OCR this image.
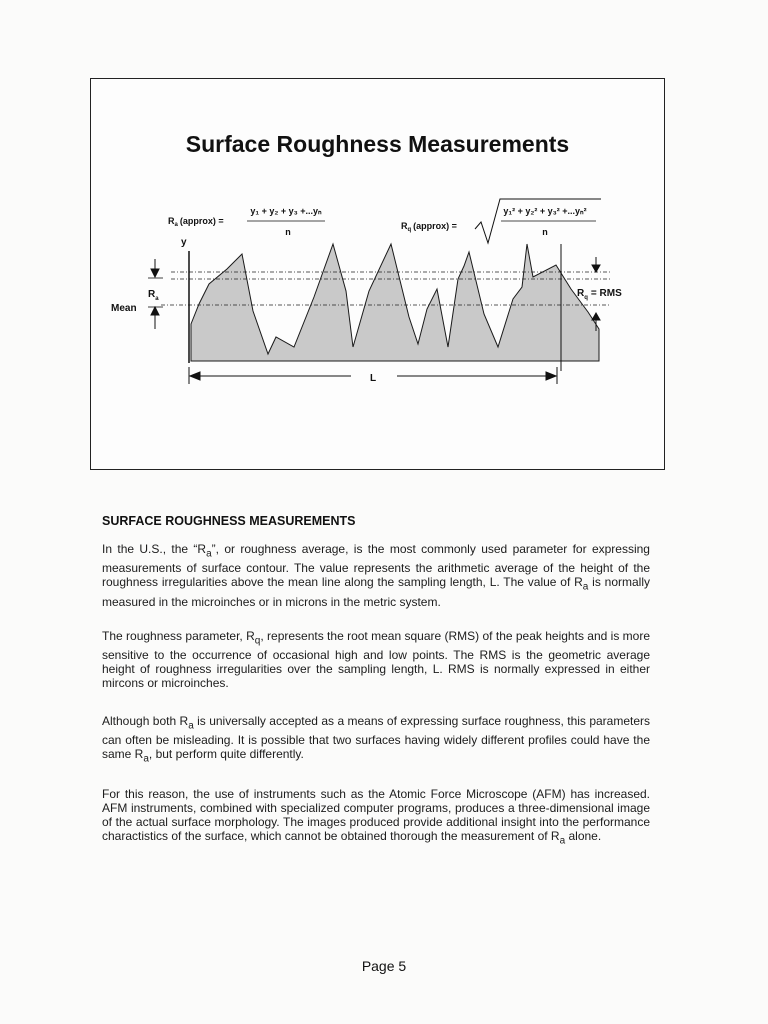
Surface Roughness Measurements
$R_a$ (approx) =
y₁ + y₂ + y₃ +...yₙ
n
$R_q$ (approx) =
y₁² + y₂² + y₃² +...yₙ²
n
y
$R_a$
Mean
$R_q$ = RMS
L
SURFACE ROUGHNESS MEASUREMENTS

In the U.S., the “$R_a$”, or roughness average, is the most commonly used parameter for expressing measurements of surface contour. The value represents the arithmetic average of the height of the roughness irregularities above the mean line along the sampling length, L. The value of $R_a$ is normally measured in the microinches or in microns in the metric system.

The roughness parameter, $R_q$, represents the root mean square (RMS) of the peak heights and is more sensitive to the occurrence of occasional high and low points. The RMS is the geometric average height of roughness irregularities over the sampling length, L. RMS is normally expressed in either mircons or microinches.

Although both $R_a$ is universally accepted as a means of expressing surface roughness, this parameters can often be misleading. It is possible that two surfaces having widely different profiles could have the same $R_a$, but perform quite differently.

For this reason, the use of instruments such as the Atomic Force Microscope (AFM) has increased. AFM instruments, combined with specialized computer programs, produces a three-dimensional image of the actual surface morphology. The images produced provide additional insight into the performance charactistics of the surface, which cannot be obtained thorough the measurement of $R_a$ alone.

Page 5
